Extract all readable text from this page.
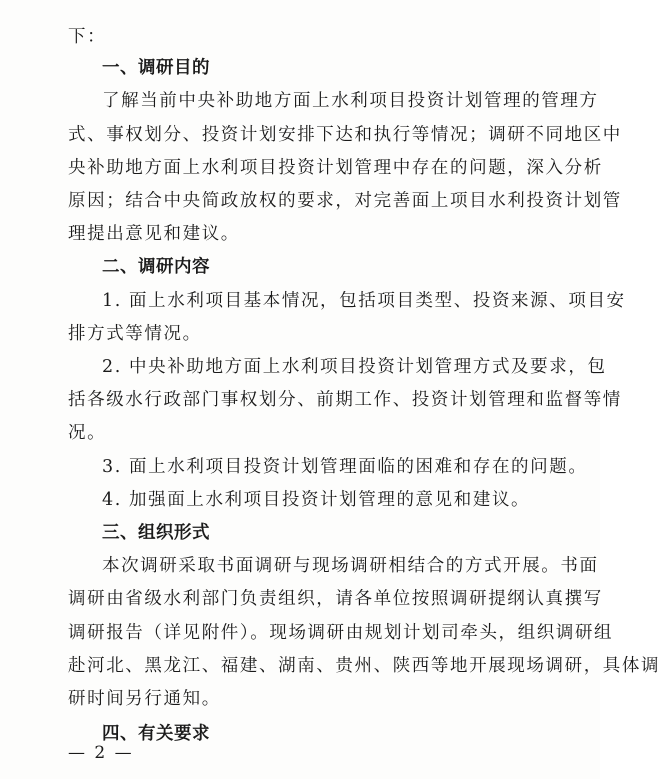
下：
一、调研目的
了解当前中央补助地方面上水利项目投资计划管理的管理方
式、事权划分、投资计划安排下达和执行等情况；调研不同地区中
央补助地方面上水利项目投资计划管理中存在的问题，深入分析
原因；结合中央简政放权的要求，对完善面上项目水利投资计划管
理提出意见和建议。
二、调研内容
1. 面上水利项目基本情况，包括项目类型、投资来源、项目安
排方式等情况。
2. 中央补助地方面上水利项目投资计划管理方式及要求，包
括各级水行政部门事权划分、前期工作、投资计划管理和监督等情
况。
3. 面上水利项目投资计划管理面临的困难和存在的问题。
4. 加强面上水利项目投资计划管理的意见和建议。
三、组织形式
本次调研采取书面调研与现场调研相结合的方式开展。书面
调研由省级水利部门负责组织，请各单位按照调研提纲认真撰写
调研报告（详见附件）。现场调研由规划计划司牵头，组织调研组
赴河北、黑龙江、福建、湖南、贵州、陕西等地开展现场调研，具体调
研时间另行通知。
四、有关要求
— 2 —
